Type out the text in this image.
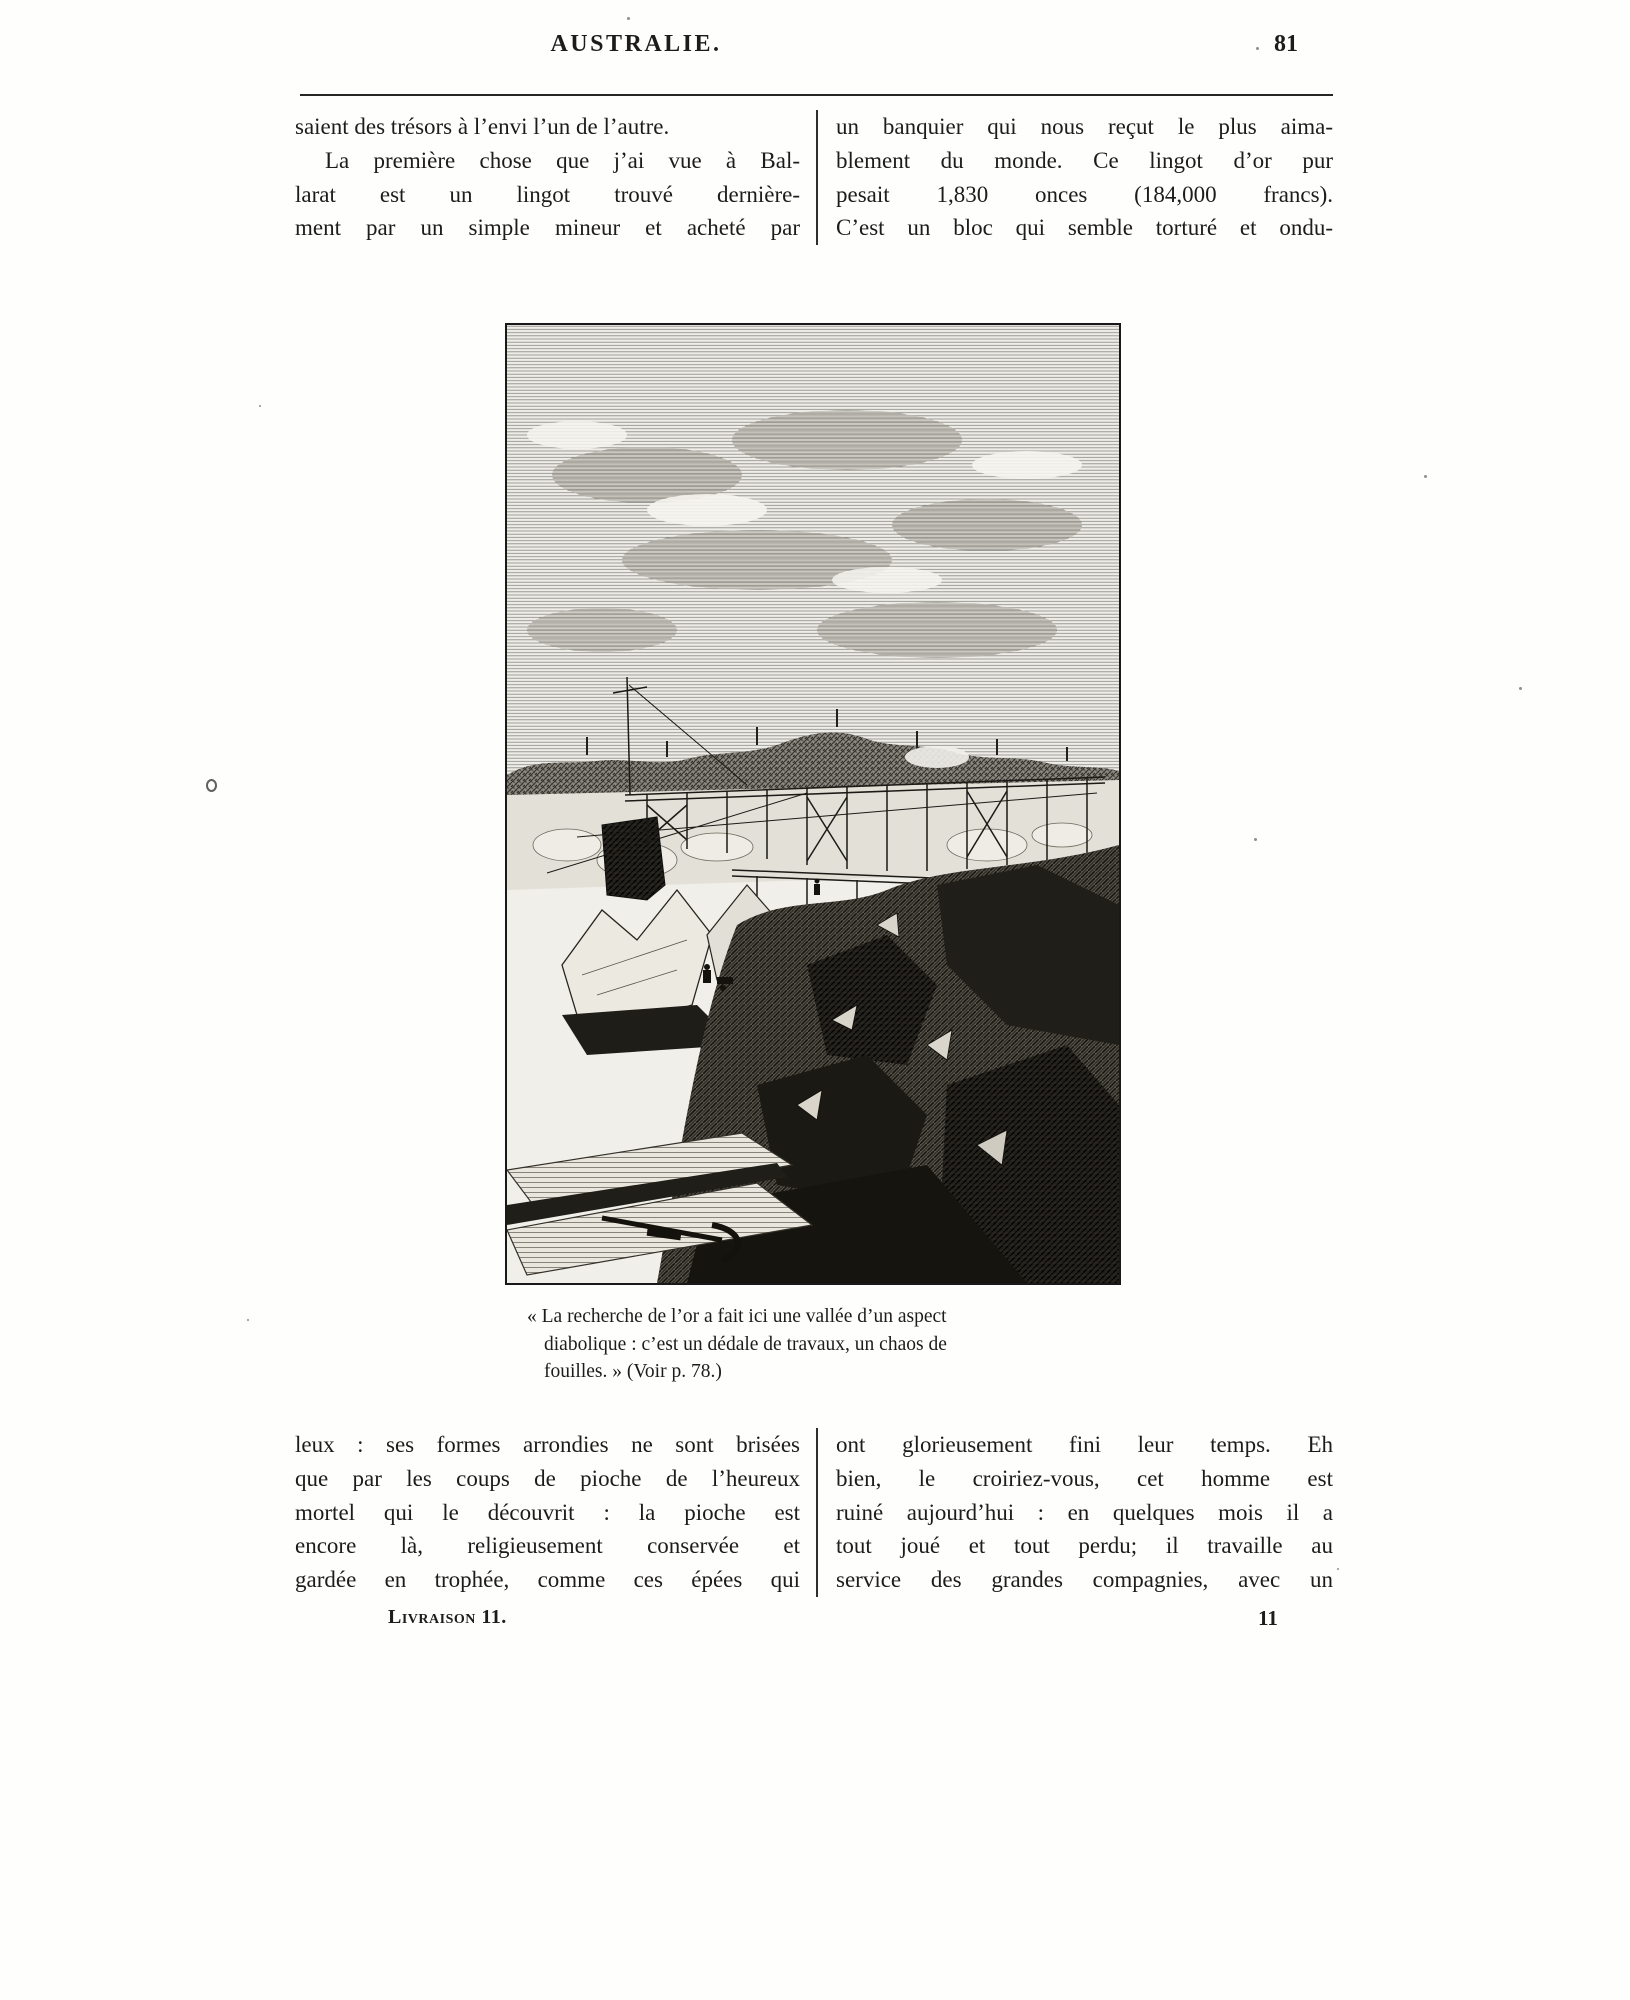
AUSTRALIE.	81
saient des trésors à l’envi l’un de l’autre.
La première chose que j’ai vue à Bal-
larat est un lingot trouvé dernière-
ment par un simple mineur et acheté par
un banquier qui nous reçut le plus aima-
blement du monde. Ce lingot d’or pur
pesait 1,830 onces (184,000 francs).
C’est un bloc qui semble torturé et ondu-
« La recherche de l’or a fait ici une vallée d’un aspect
diabolique : c’est un dédale de travaux, un chaos de
fouilles. » (Voir p. 78.)
leux : ses formes arrondies ne sont brisées
que par les coups de pioche de l’heureux
mortel qui le découvrit : la pioche est
encore là, religieusement conservée et
gardée en trophée, comme ces épées qui
ont glorieusement fini leur temps. Eh
bien, le croiriez-vous, cet homme est
ruiné aujourd’hui : en quelques mois il a
tout joué et tout perdu; il travaille au
service des grandes compagnies, avec un
Livraison 11.	11
